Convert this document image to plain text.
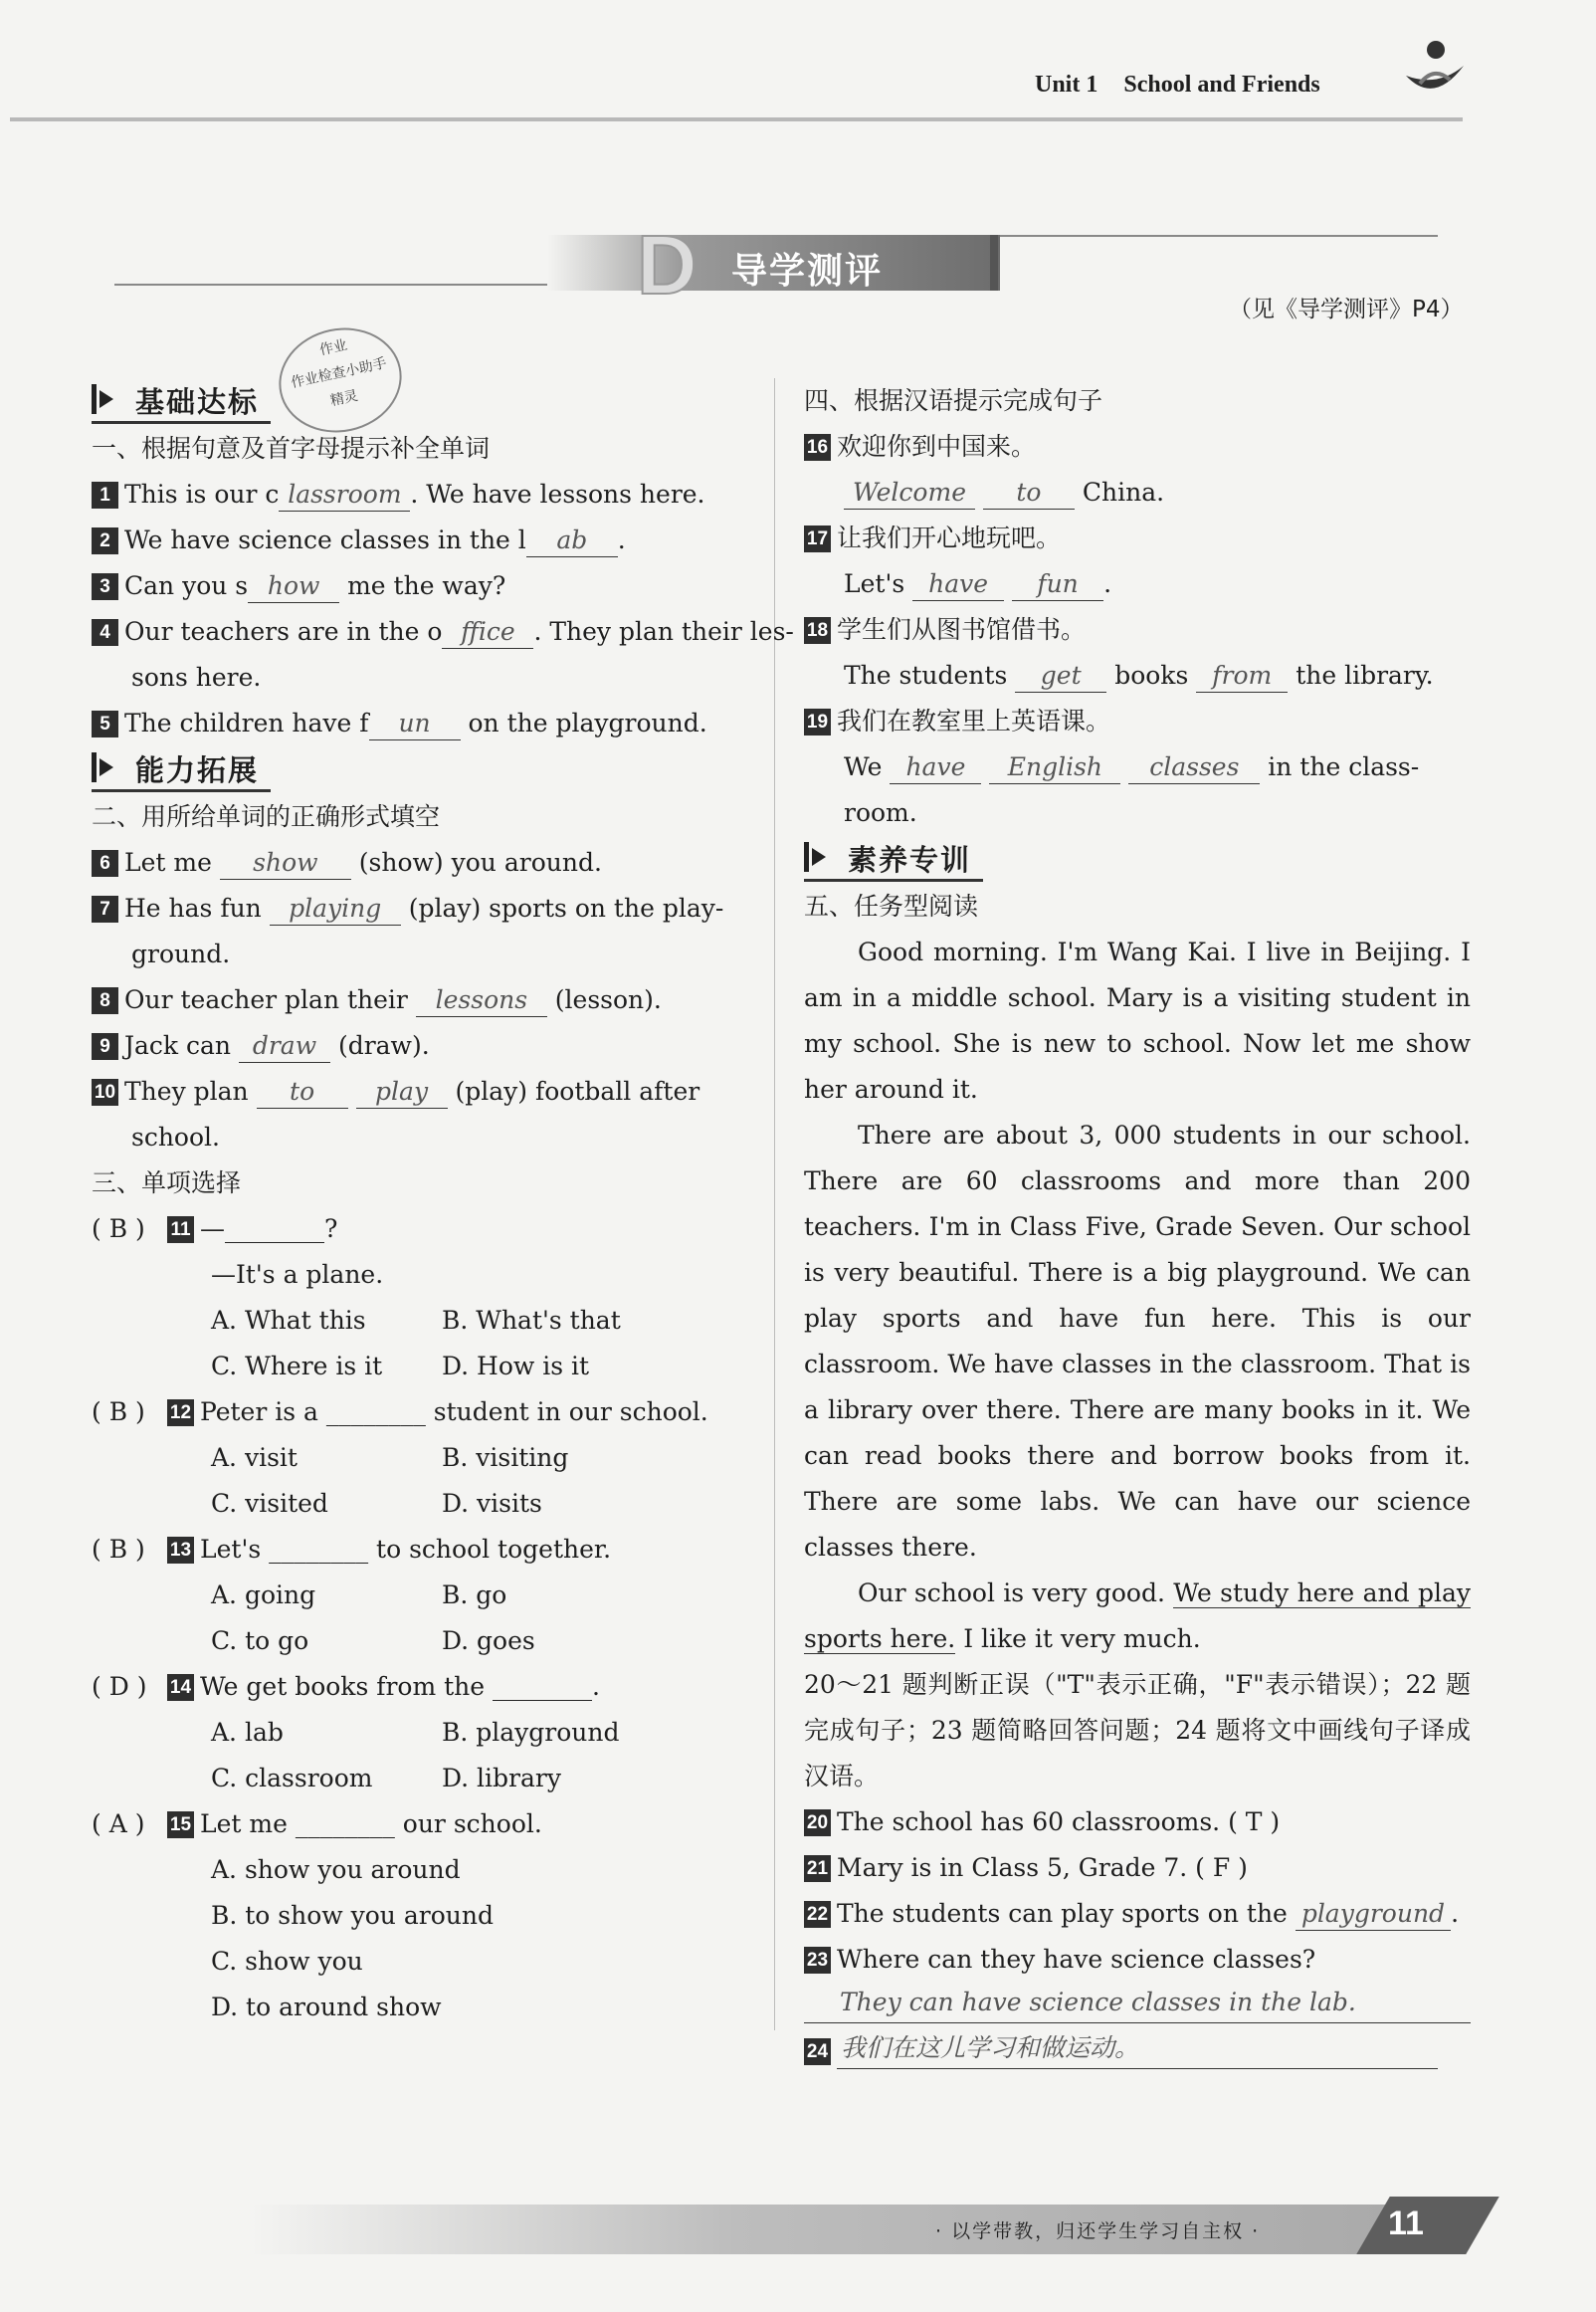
Unit 1 School and Friends
D 导学测评
（见《导学测评》P4）
作业
作业检查小助手
精灵
基础达标
一、根据句意及首字母提示补全单词
1 This is our c lassroom . We have lessons here.
2 We have science classes in the l ab .
3 Can you s how me the way?
4 Our teachers are in the o ffice . They plan their les-
sons here.
5 The children have f un on the playground.
能力拓展
二、用所给单词的正确形式填空
6 Let me show (show) you around.
7 He has fun playing (play) sports on the play-
ground.
8 Our teacher plan their lessons (lesson).
9 Jack can draw (draw).
10 They plan to play (play) football after
school.
三、单项选择
( B ) 11 —________?
—It's a plane.
A. What this	B. What's that
C. Where is it D. How is it
( B ) 12 Peter is a ________ student in our school.
A. visit	B. visiting
C. visited	D. visits
( B ) 13 Let's ________ to school together.
A. going	B. go
C. to go	D. goes
( D ) 14 We get books from the ________.
A. lab	B. playground
C. classroom	D. library
( A ) 15 Let me ________ our school.
A. show you around
B. to show you around
C. show you
D. to around show
四、根据汉语提示完成句子
16 欢迎你到中国来。
Welcome to China.
17 让我们开心地玩吧。
Let's have fun .
18 学生们从图书馆借书。
The students get books from the library.
19 我们在教室里上英语课。
We have English classes in the class-
room.
素养专训
五、任务型阅读

Good morning. I'm Wang Kai. I live in Beijing. I am in a middle school. Mary is a visiting student in my school. She is new to school. Now let me show her around it.

There are about 3, 000 students in our school. There are 60 classrooms and more than 200 teachers. I'm in Class Five, Grade Seven. Our school is very beautiful. There is a big playground. We can play sports and have fun here. This is our classroom. We have classes in the classroom. That is a library over there. There are many books in it. We can read books there and borrow books from it. There are some labs. We can have our science classes there.

Our school is very good. We study here and play sports here. I like it very much.

20～21 题判断正误（"T"表示正确，"F"表示错误）；22 题完成句子；23 题简略回答问题；24 题将文中画线句子译成汉语。

20 The school has 60 classrooms. ( T )
21 Mary is in Class 5, Grade 7. ( F )
22 The students can play sports on the playground .
23 Where can they have science classes?
They can have science classes in the lab.
24 我们在这儿学习和做运动。
· 以学带教，归还学生学习自主权 ·	11
